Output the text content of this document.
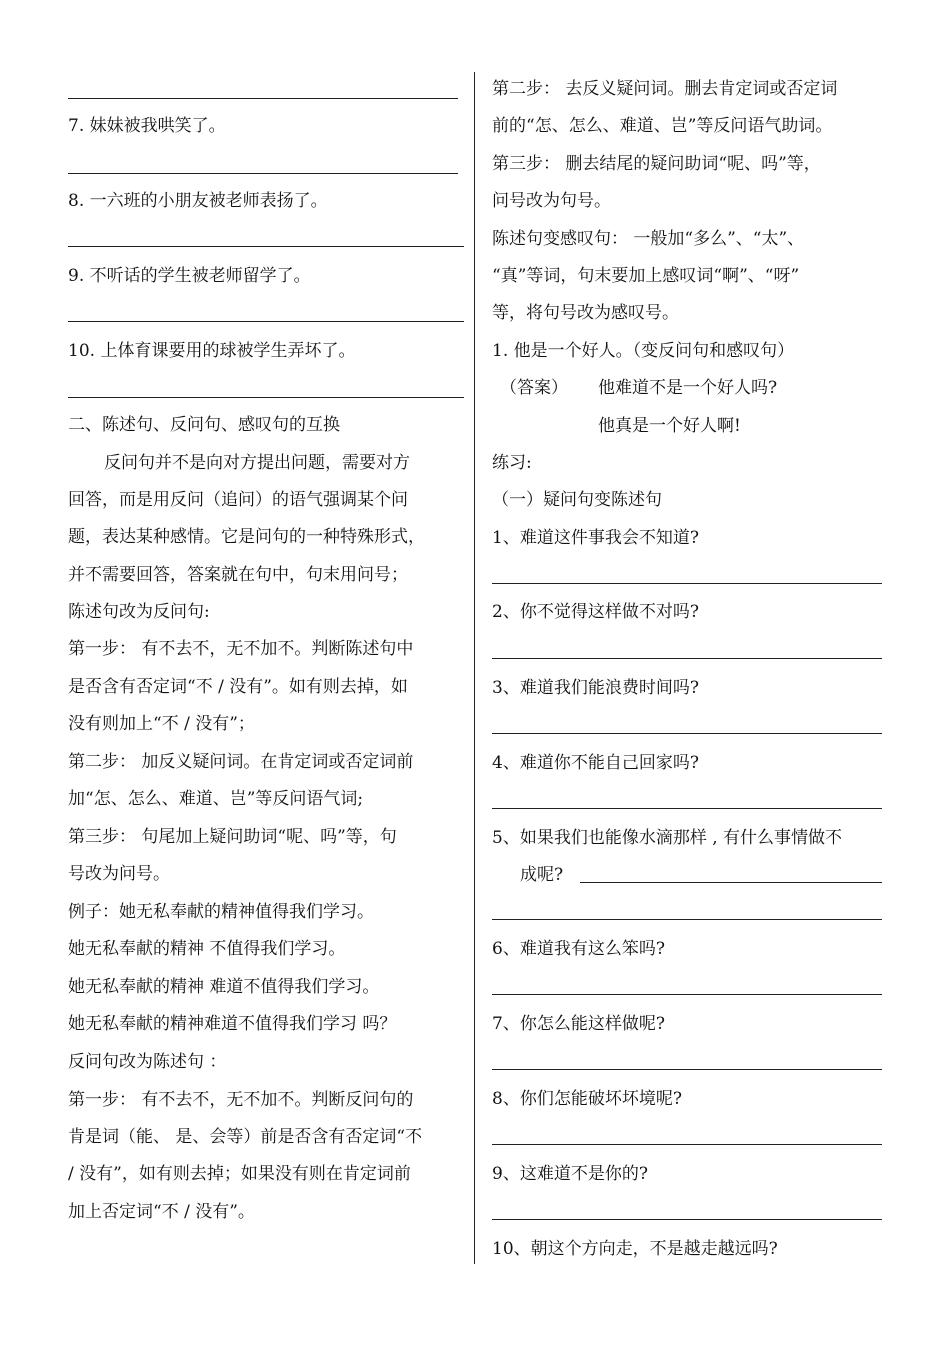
7. 妹妹被我哄笑了。
8. 一六班的小朋友被老师表扬了。
9. 不听话的学生被老师留学了。
10. 上体育课要用的球被学生弄坏了。
二、陈述句、反问句、感叹句的互换
反问句并不是向对方提出问题，需要对方
回答，而是用反问（追问）的语气强调某个问
题，表达某种感情。它是问句的一种特殊形式，
并不需要回答，答案就在句中，句末用问号；
陈述句改为反问句:
第一步： 有不去不，无不加不。判断陈述句中
是否含有否定词“不 / 没有”。如有则去掉，如
没有则加上“不 / 没有”；
第二步： 加反义疑问词。在肯定词或否定词前
加“怎、怎么、难道、岂”等反问语气词;
第三步： 句尾加上疑问助词“呢、吗”等，句
号改为问号。
例子：她无私奉献的精神值得我们学习。
她无私奉献的精神 不值得我们学习。
她无私奉献的精神 难道不值得我们学习。
她无私奉献的精神难道不值得我们学习 吗？
反问句改为陈述句 ：
第一步： 有不去不，无不加不。判断反问句的
肯是词（能、 是、会等）前是否含有否定词“不
/ 没有”，如有则去掉；如果没有则在肯定词前
加上否定词“不 / 没有”。
第二步： 去反义疑问词。删去肯定词或否定词
前的“怎、怎么、难道、岂”等反问语气助词。
第三步： 删去结尾的疑问助词“呢、吗”等，
问号改为句号。
陈述句变感叹句： 一般加“多么”、“太”、
“真”等词，句末要加上感叹词“啊”、“呀”
等，将句号改为感叹号。
1. 他是一个好人。（变反问句和感叹句）
（答案） 他难道不是一个好人吗?
他真是一个好人啊!
练习:
（一）疑问句变陈述句
1、难道这件事我会不知道?
2、你不觉得这样做不对吗?
3、难道我们能浪费时间吗?
4、难道你不能自己回家吗?
5、如果我们也能像水滴那样 , 有什么事情做不
成呢?
6、难道我有这么笨吗?
7、你怎么能这样做呢?
8、你们怎能破坏坏境呢?
9、这难道不是你的?
10、朝这个方向走，不是越走越远吗?
